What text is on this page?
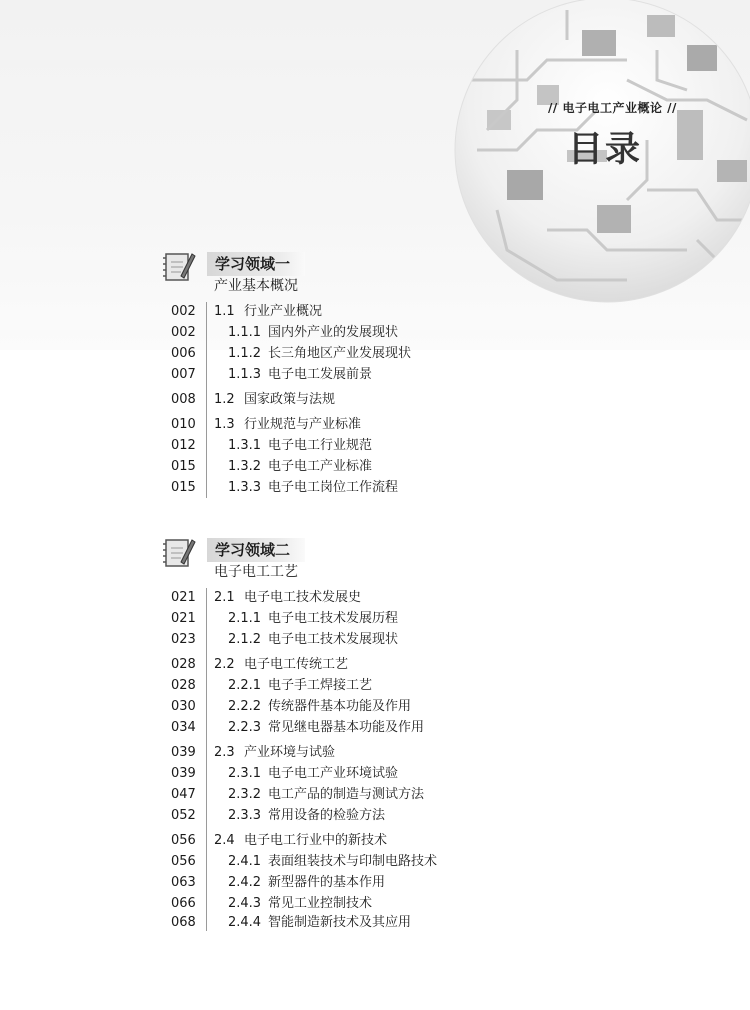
// 电子电工产业概论 //
目录
学习领域一
产业基本概况
002	1.1 行业产业概况
002	1.1.1 国内外产业的发展现状
006	1.1.2 长三角地区产业发展现状
007	1.1.3 电子电工发展前景
008	1.2 国家政策与法规
010	1.3 行业规范与产业标准
012	1.3.1 电子电工行业规范
015	1.3.2 电子电工产业标准
015	1.3.3 电子电工岗位工作流程
学习领域二
电子电工工艺
021	2.1 电子电工技术发展史
021	2.1.1 电子电工技术发展历程
023	2.1.2 电子电工技术发展现状
028	2.2 电子电工传统工艺
028	2.2.1 电子手工焊接工艺
030	2.2.2 传统器件基本功能及作用
034	2.2.3 常见继电器基本功能及作用
039	2.3 产业环境与试验
039	2.3.1 电子电工产业环境试验
047	2.3.2 电工产品的制造与测试方法
052	2.3.3 常用设备的检验方法
056	2.4 电子电工行业中的新技术
056	2.4.1 表面组装技术与印制电路技术
063	2.4.2 新型器件的基本作用
066	2.4.3 常见工业控制技术
068	2.4.4 智能制造新技术及其应用
